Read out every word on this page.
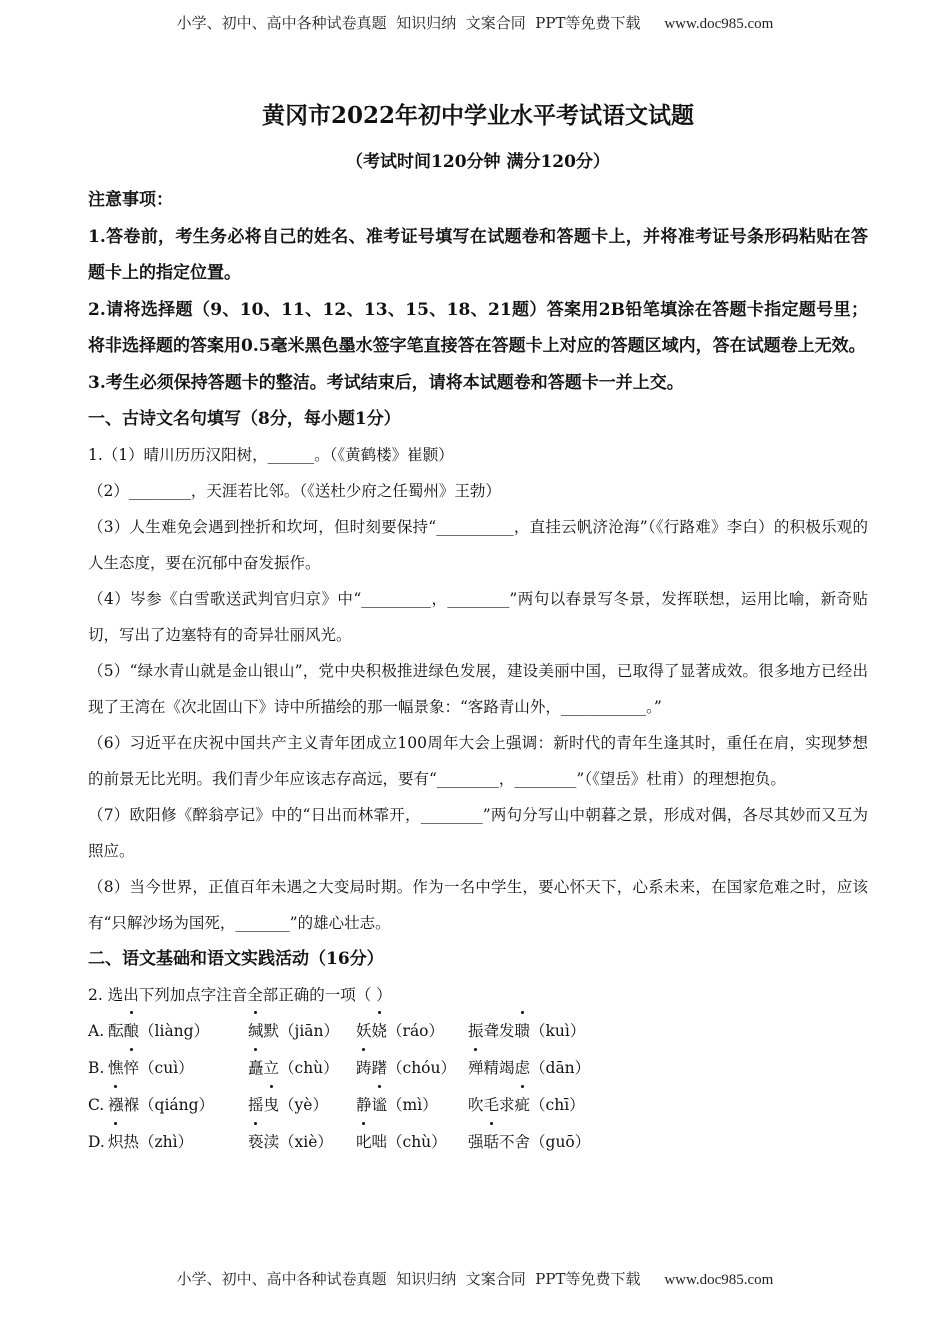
小学、初中、高中各种试卷真题  知识归纳  文案合同  PPT等免费下载 www.doc985.com
黄冈市2022年初中学业水平考试语文试题
（考试时间120分钟 满分120分）
注意事项：
1.答卷前，考生务必将自己的姓名、准考证号填写在试题卷和答题卡上，并将准考证号条形码粘贴在答题卡上的指定位置。
2.请将选择题（9、10、11、12、13、15、18、21题）答案用2B铅笔填涂在答题卡指定题号里；将非选择题的答案用0.5毫米黑色墨水签字笔直接答在答题卡上对应的答题区域内，答在试题卷上无效。
3.考生必须保持答题卡的整洁。考试结束后，请将本试题卷和答题卡一并上交。
一、古诗文名句填写（8分，每小题1分）
1.（1）晴川历历汉阳树，______。（《黄鹤楼》崔颢）
（2）________，天涯若比邻。（《送杜少府之任蜀州》王勃）
（3）人生难免会遇到挫折和坎坷，但时刻要保持“__________，直挂云帆济沧海”（《行路难》李白）的积极乐观的人生态度，要在沉郁中奋发振作。
（4）岑参《白雪歌送武判官归京》中“_________，________”两句以春景写冬景，发挥联想，运用比喻，新奇贴切，写出了边塞特有的奇异壮丽风光。
（5）“绿水青山就是金山银山”，党中央积极推进绿色发展，建设美丽中国，已取得了显著成效。很多地方已经出现了王湾在《次北固山下》诗中所描绘的那一幅景象：“客路青山外，___________。”
（6）习近平在庆祝中国共产主义青年团成立100周年大会上强调：新时代的青年生逢其时，重任在肩，实现梦想的前景无比光明。我们青少年应该志存高远，要有“________，________”（《望岳》杜甫）的理想抱负。
（7）欧阳修《醉翁亭记》中的“日出而林霏开，________”两句分写山中朝暮之景，形成对偶，各尽其妙而又互为照应。
（8）当今世界，正值百年未遇之大变局时期。作为一名中学生，要心怀天下，心系未来，在国家危难之时，应该有“只解沙场为国死，_______”的雄心壮志。
二、语文基础和语文实践活动（16分）
2. 选出下列加点字注音全部正确的一项（ ）
A. 酝酿（liàng）	缄默（jiān） 妖娆（ráo） 振聋发聩（kuì）
B. 憔悴（cuì）	矗立（chù） 踌躇（chóu） 殚精竭虑（dān）
C. 襁褓（qiáng） 摇曳（yè） 静谧（mì） 吹毛求疵（chī）
D. 炽热（zhì）	亵渎（xiè） 叱咄（chù） 强聒不舍（guō）
小学、初中、高中各种试卷真题  知识归纳  文案合同  PPT等免费下载 www.doc985.com
